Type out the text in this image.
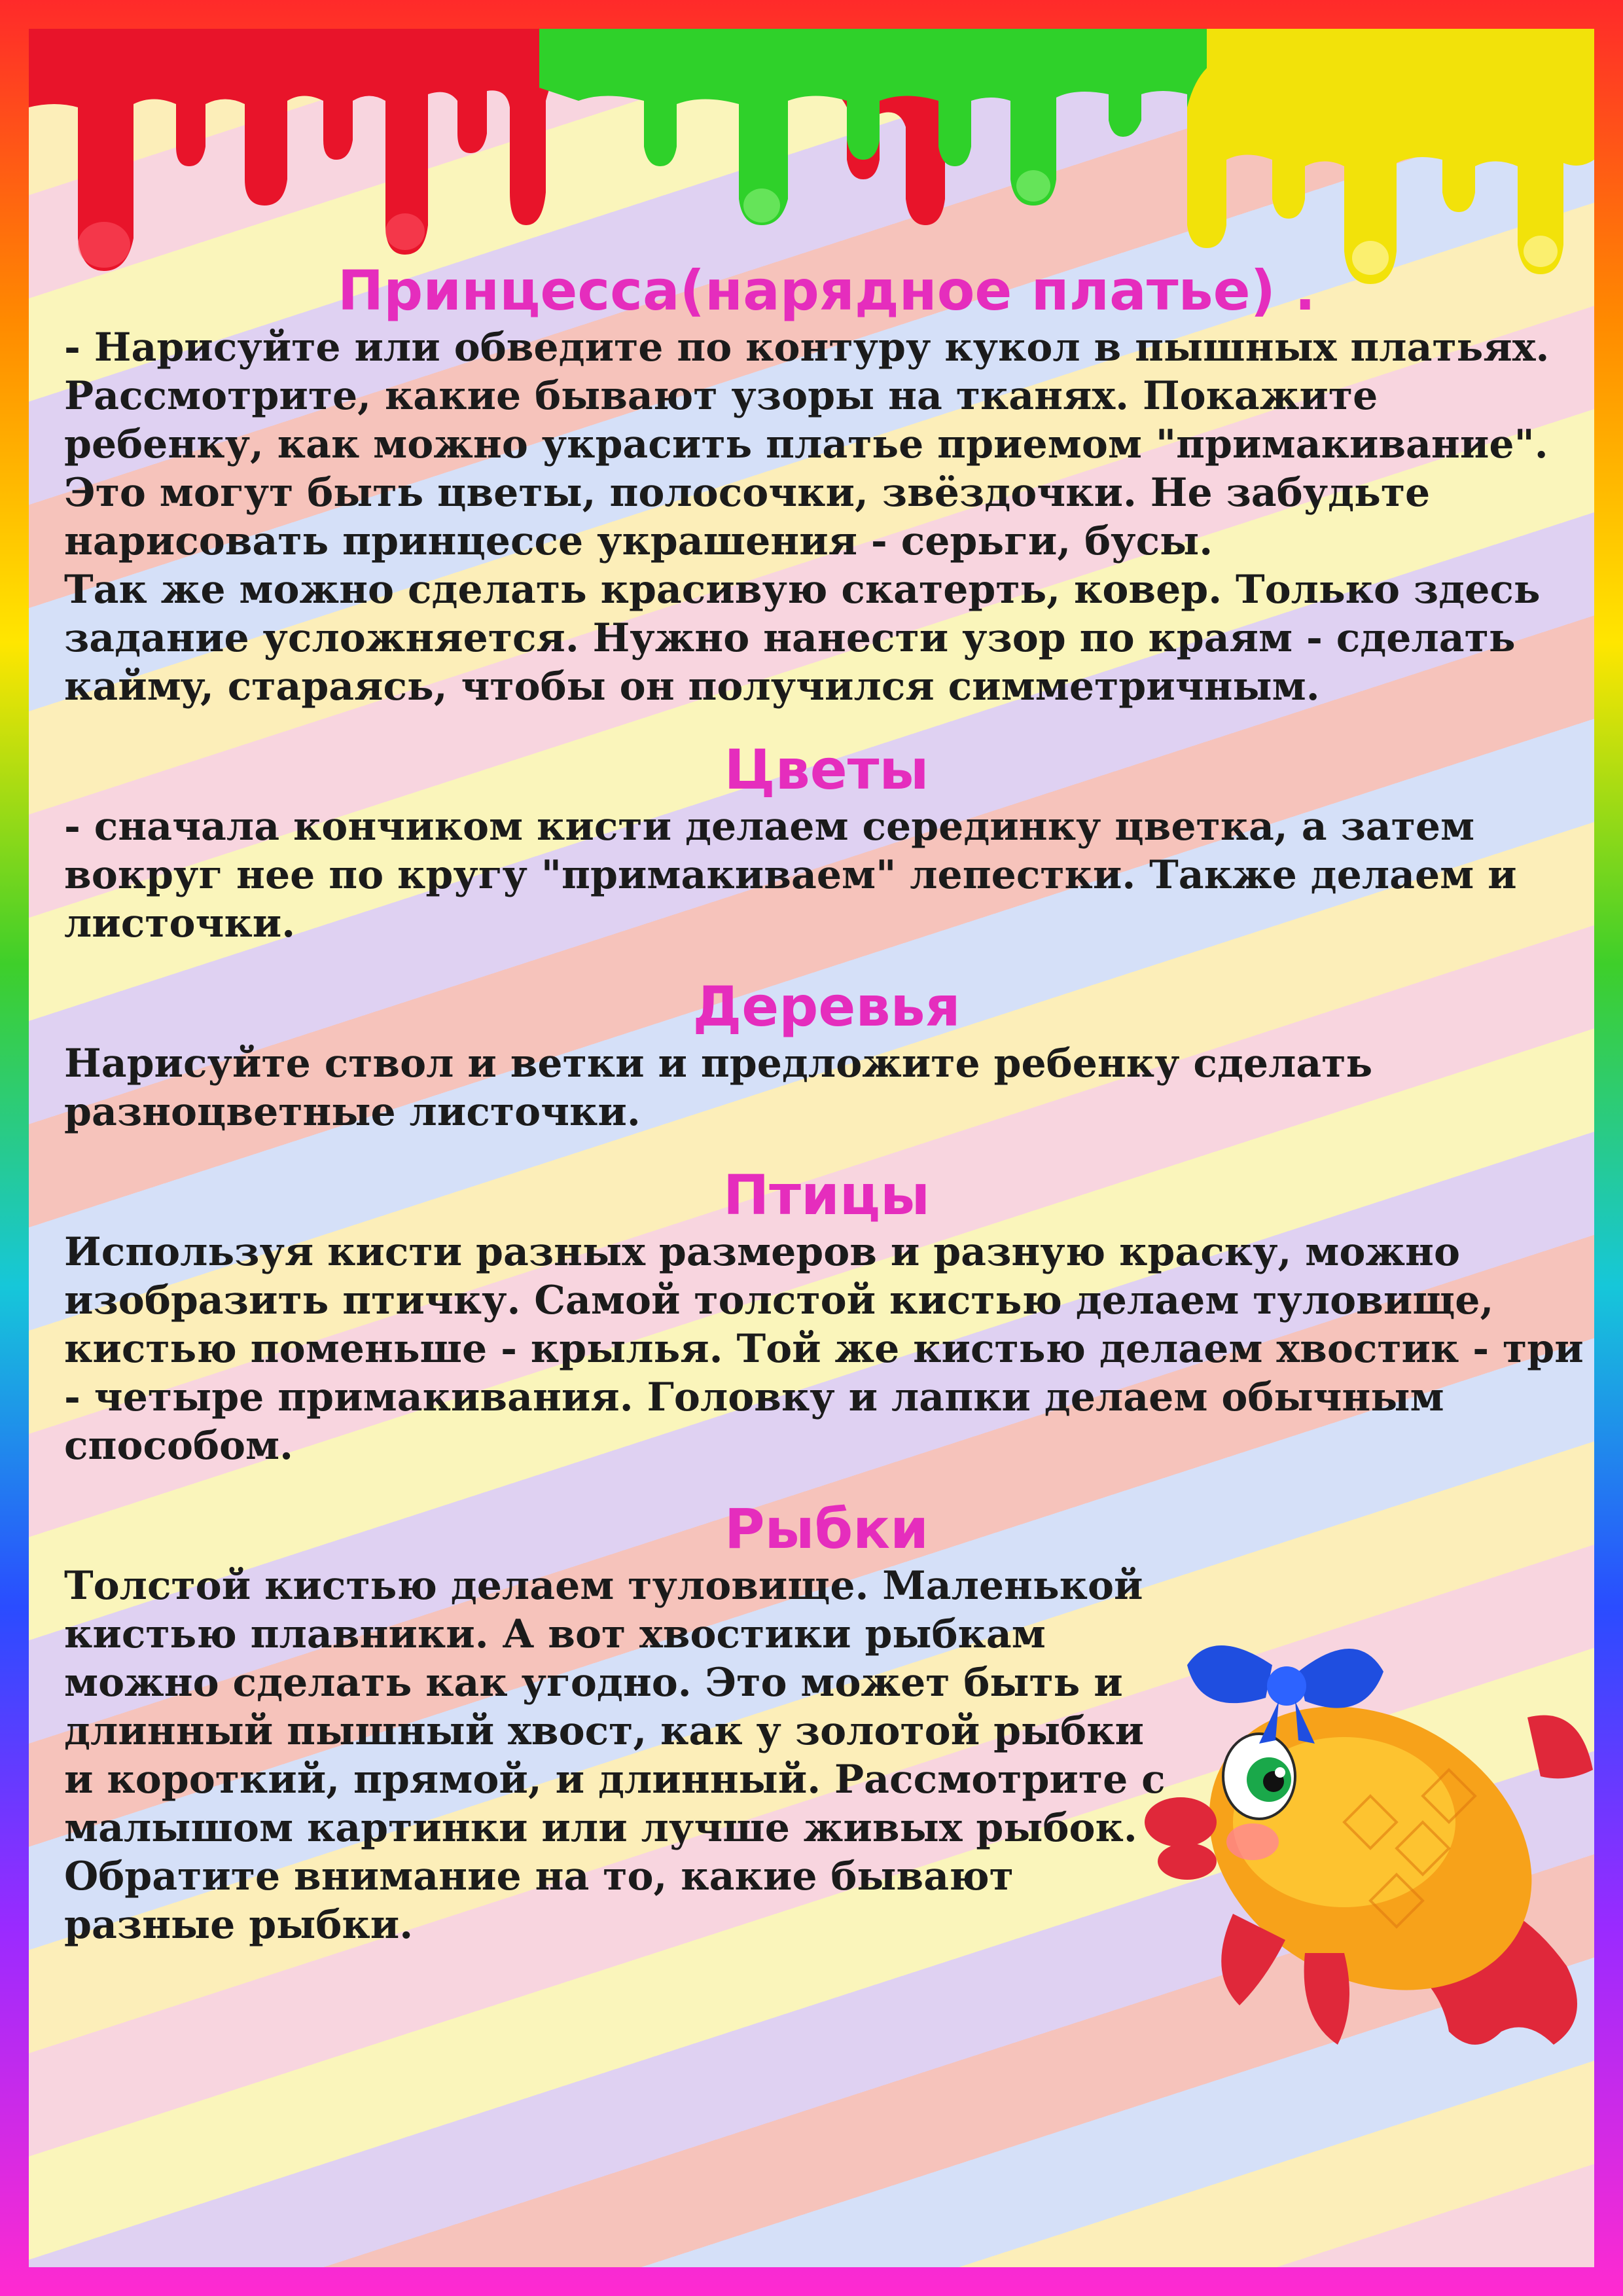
Принцесса(нарядное платье) .

- Нарисуйте или обведите по контуру кукол в пышных платьях. Рассмотрите, какие бывают узоры на тканях. Покажите ребенку, как можно украсить платье приемом "примакивание". Это могут быть цветы, полосочки, звёздочки. Не забудьте нарисовать принцессе украшения - серьги, бусы.
Так же можно сделать красивую скатерть, ковер. Только здесь задание усложняется. Нужно нанести узор по краям - сделать каймy, стараясь, чтобы он получился симметричным.

Цветы

- сначала кончиком кисти делаем серединку цветка, а затем вокруг нее по кругу "примакиваем" лепестки. Также делаем и листочки.

Деревья

Нарисуйте ствол и ветки и предложите ребенку сделать разноцветные листочки.

Птицы

Используя кисти разных размеров и разную краску, можно изобразить птичку. Самой толстой кистью делаем туловище, кистью поменьше - крылья. Той же кистью делаем хвостик - три - четыре примакивания. Головку и лапки делаем обычным способом.

Рыбки

Толстой кистью делаем туловище. Маленькой кистью плавники. А вот хвостики рыбкам можно сделать как угодно. Это может быть и длинный пышный хвост, как у золотой рыбки и короткий, прямой, и длинный. Рассмотрите с малышом картинки или лучше живых рыбок. Обратите внимание на то, какие бывают разные рыбки.
